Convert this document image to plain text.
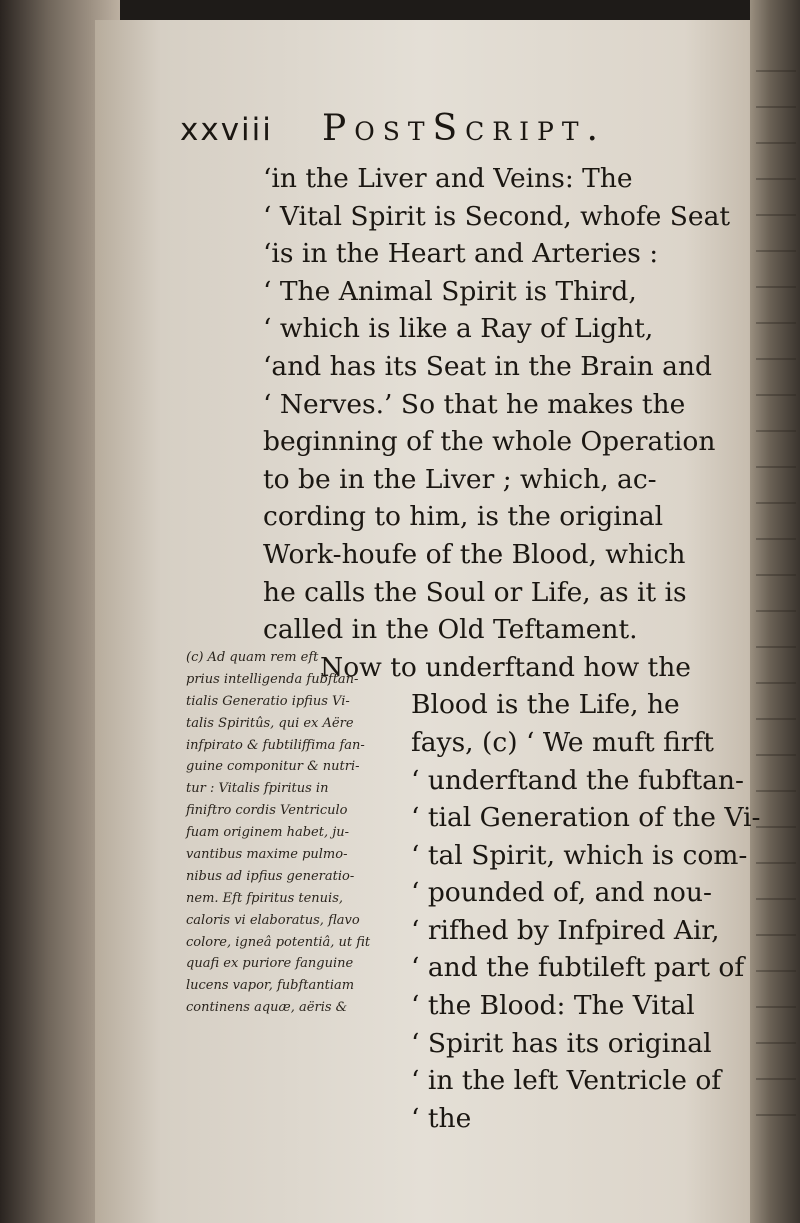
xxviii PostScript.
‘in the Liver and Veins: The
‘ Vital Spirit is Second, whofe Seat
‘is in the Heart and Arteries :
‘ The Animal Spirit is Third,
‘ which is like a Ray of Light,
‘and has its Seat in the Brain and
‘ Nerves.’ So that he makes the
beginning of the whole Operation
to be in the Liver ; which, ac-
cording to him, is the original
Work-houfe of the Blood, which
he calls the Soul or Life, as it is
called in the Old Teftament.
Now to underftand how the
Blood is the Life, he
fays, (c) ‘ We muft firft
‘ underftand the fubftan-
‘ tial Generation of the Vi-
‘ tal Spirit, which is com-
‘ pounded of, and nou-
‘ rifhed by Infpired Air,
‘ and the fubtileft part of
‘ the Blood: The Vital
‘ Spirit has its original
‘ in the left Ventricle of
‘ the
(c) Ad quam rem eft
prius intelligenda fubftan-
tialis Generatio ipfius Vi-
talis Spiritûs, qui ex Aëre
infpirato & fubtiliffima fan-
guine componitur & nutri-
tur : Vitalis fpiritus in
finiftro cordis Ventriculo
fuam originem habet, ju-
vantibus maxime pulmo-
nibus ad ipfius generatio-
nem. Eft fpiritus tenuis,
caloris vi elaboratus, flavo
colore, igneâ potentiâ, ut fit
quafi ex puriore fanguine
lucens vapor, fubftantiam
continens aquæ, aëris &
